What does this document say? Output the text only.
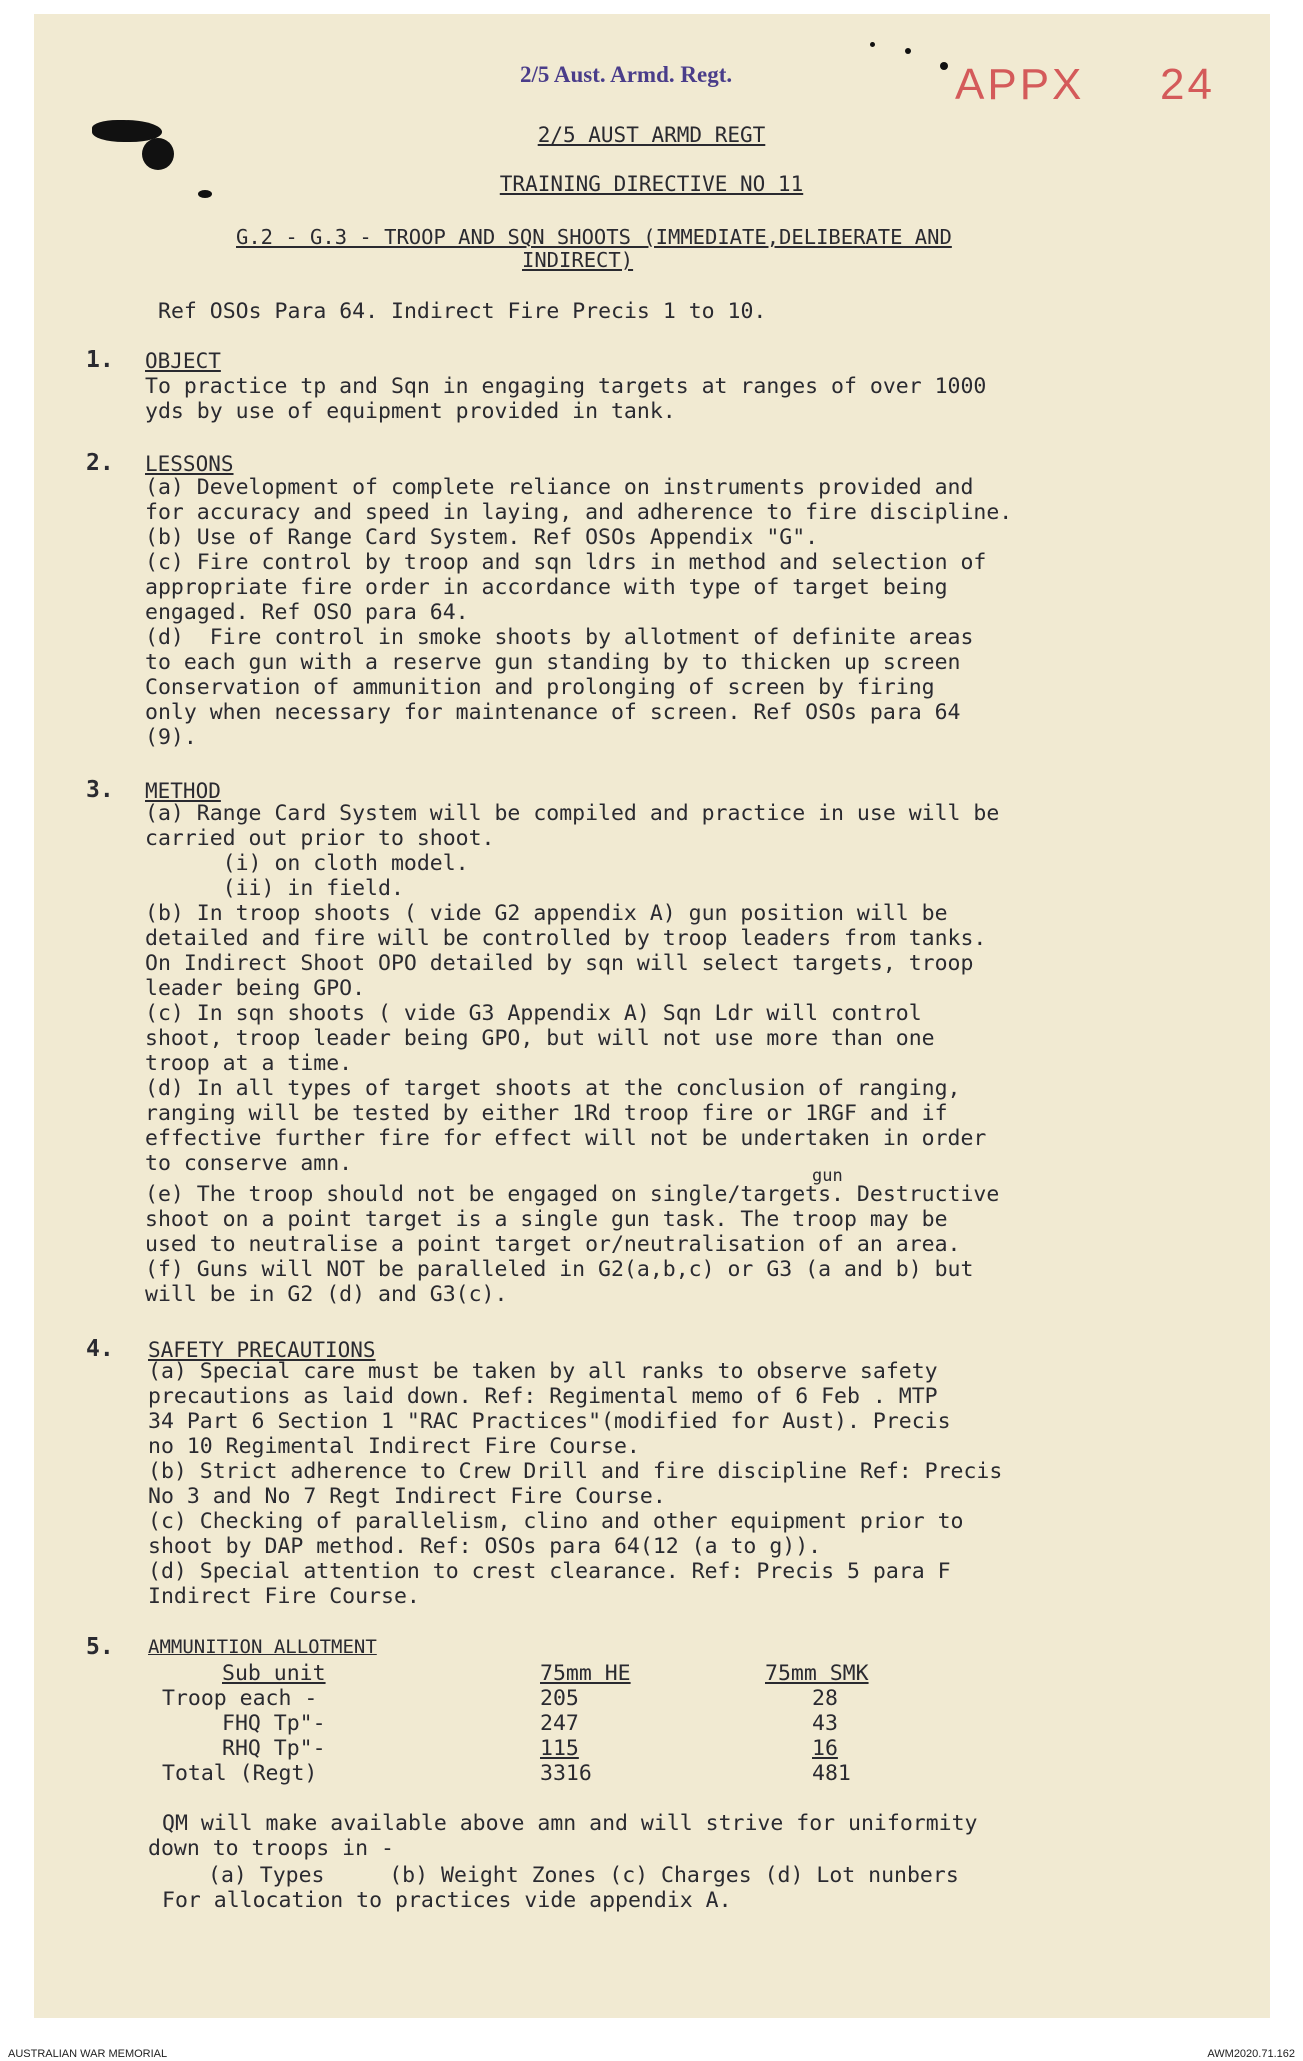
2/5 Aust. Armd. Regt.	APPX 24
2/5 AUST ARMD REGT
TRAINING DIRECTIVE NO 11
G.2 - G.3 - TROOP AND SQN SHOOTS (IMMEDIATE,DELIBERATE AND
INDIRECT)
Ref OSOs Para 64. Indirect Fire Precis 1 to 10.
1. OBJECT
To practice tp and Sqn in engaging targets at ranges of over 1000
yds by use of equipment provided in tank.
2. LESSONS
(a) Development of complete reliance on instruments provided and
for accuracy and speed in laying, and adherence to fire discipline.
(b) Use of Range Card System. Ref OSOs Appendix "G".
(c) Fire control by troop and sqn ldrs in method and selection of
appropriate fire order in accordance with type of target being
engaged. Ref OSO para 64.
(d)  Fire control in smoke shoots by allotment of definite areas
to each gun with a reserve gun standing by to thicken up screen
Conservation of ammunition and prolonging of screen by firing
only when necessary for maintenance of screen. Ref OSOs para 64
(9).
3. METHOD
(a) Range Card System will be compiled and practice in use will be
carried out prior to shoot.
(i) on cloth model.
(ii) in field.
(b) In troop shoots ( vide G2 appendix A) gun position will be
detailed and fire will be controlled by troop leaders from tanks.
On Indirect Shoot OPO detailed by sqn will select targets, troop
leader being GPO.
(c) In sqn shoots ( vide G3 Appendix A) Sqn Ldr will control
shoot, troop leader being GPO, but will not use more than one
troop at a time.
(d) In all types of target shoots at the conclusion of ranging,
ranging will be tested by either 1Rd troop fire or 1RGF and if
effective further fire for effect will not be undertaken in order
to conserve amn.	gun
(e) The troop should not be engaged on single/targets. Destructive
shoot on a point target is a single gun task. The troop may be
used to neutralise a point target or/neutralisation of an area.
(f) Guns will NOT be paralleled in G2(a,b,c) or G3 (a and b) but
will be in G2 (d) and G3(c).
4. SAFETY PRECAUTIONS
(a) Special care must be taken by all ranks to observe safety
precautions as laid down. Ref: Regimental memo of 6 Feb . MTP
34 Part 6 Section 1 "RAC Practices"(modified for Aust). Precis
no 10 Regimental Indirect Fire Course.
(b) Strict adherence to Crew Drill and fire discipline Ref: Precis
No 3 and No 7 Regt Indirect Fire Course.
(c) Checking of parallelism, clino and other equipment prior to
shoot by DAP method. Ref: OSOs para 64(12 (a to g)).
(d) Special attention to crest clearance. Ref: Precis 5 para F
Indirect Fire Course.
5. AMMUNITION ALLOTMENT
Sub unit	75mm HE	75mm SMK
Troop each -	205	28
FHQ Tp"-	247	43
RHQ Tp"-	115	16
Total (Regt)	3316	481
QM will make available above amn and will strive for uniformity
down to troops in -
(a) Types     (b) Weight Zones (c) Charges (d) Lot nunbers
For allocation to practices vide appendix A.
AUSTRALIAN WAR MEMORIAL	AWM2020.71.162
